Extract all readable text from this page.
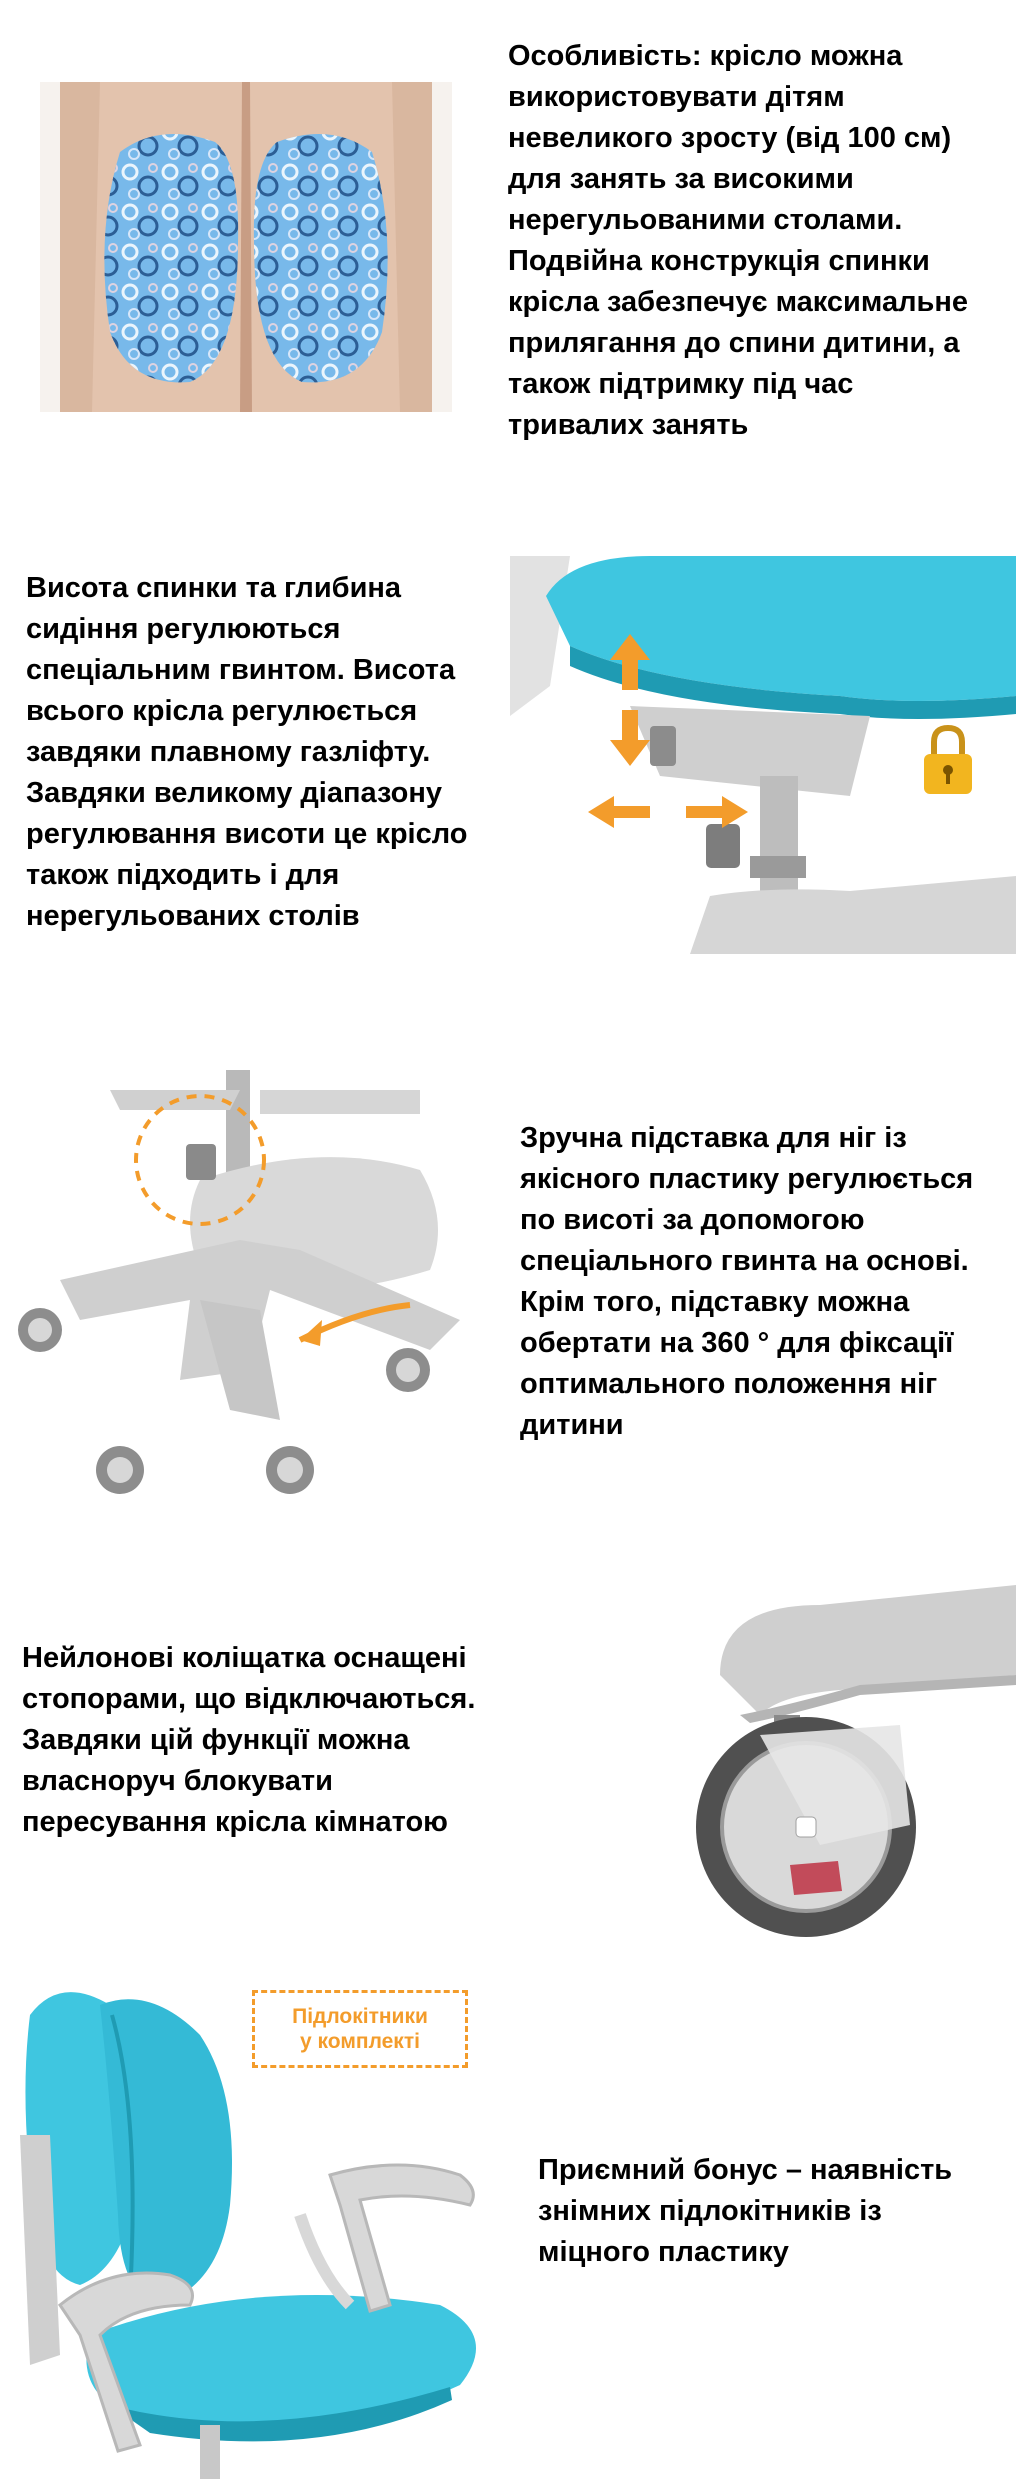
Особливість: крісло можна
використовувати дітям
невеликого зросту (від 100 см)
для занять за високими
нерегульованими столами.
Подвійна конструкція спинки
крісла забезпечує максимальне
прилягання до спини дитини, а
також підтримку під час
тривалих занять
Висота спинки та глибина
сидіння регулюються
спеціальним гвинтом. Висота
всього крісла регулюється
завдяки плавному газліфту.
Завдяки великому діапазону
регулювання висоти це крісло
також підходить і для
нерегульованих столів
Зручна підставка для ніг із
якісного пластику регулюється
по висоті за допомогою
спеціального гвинта на основі.
Крім того, підставку можна
обертати на 360 ° для фіксації
оптимального положення ніг
дитини
Нейлонові коліщатка оснащені
стопорами, що відключаються.
Завдяки цій функції можна
власноруч блокувати
пересування крісла кімнатою
Підлокітники
у комплекті
Приємний бонус – наявність
знімних підлокітників із
міцного пластику
